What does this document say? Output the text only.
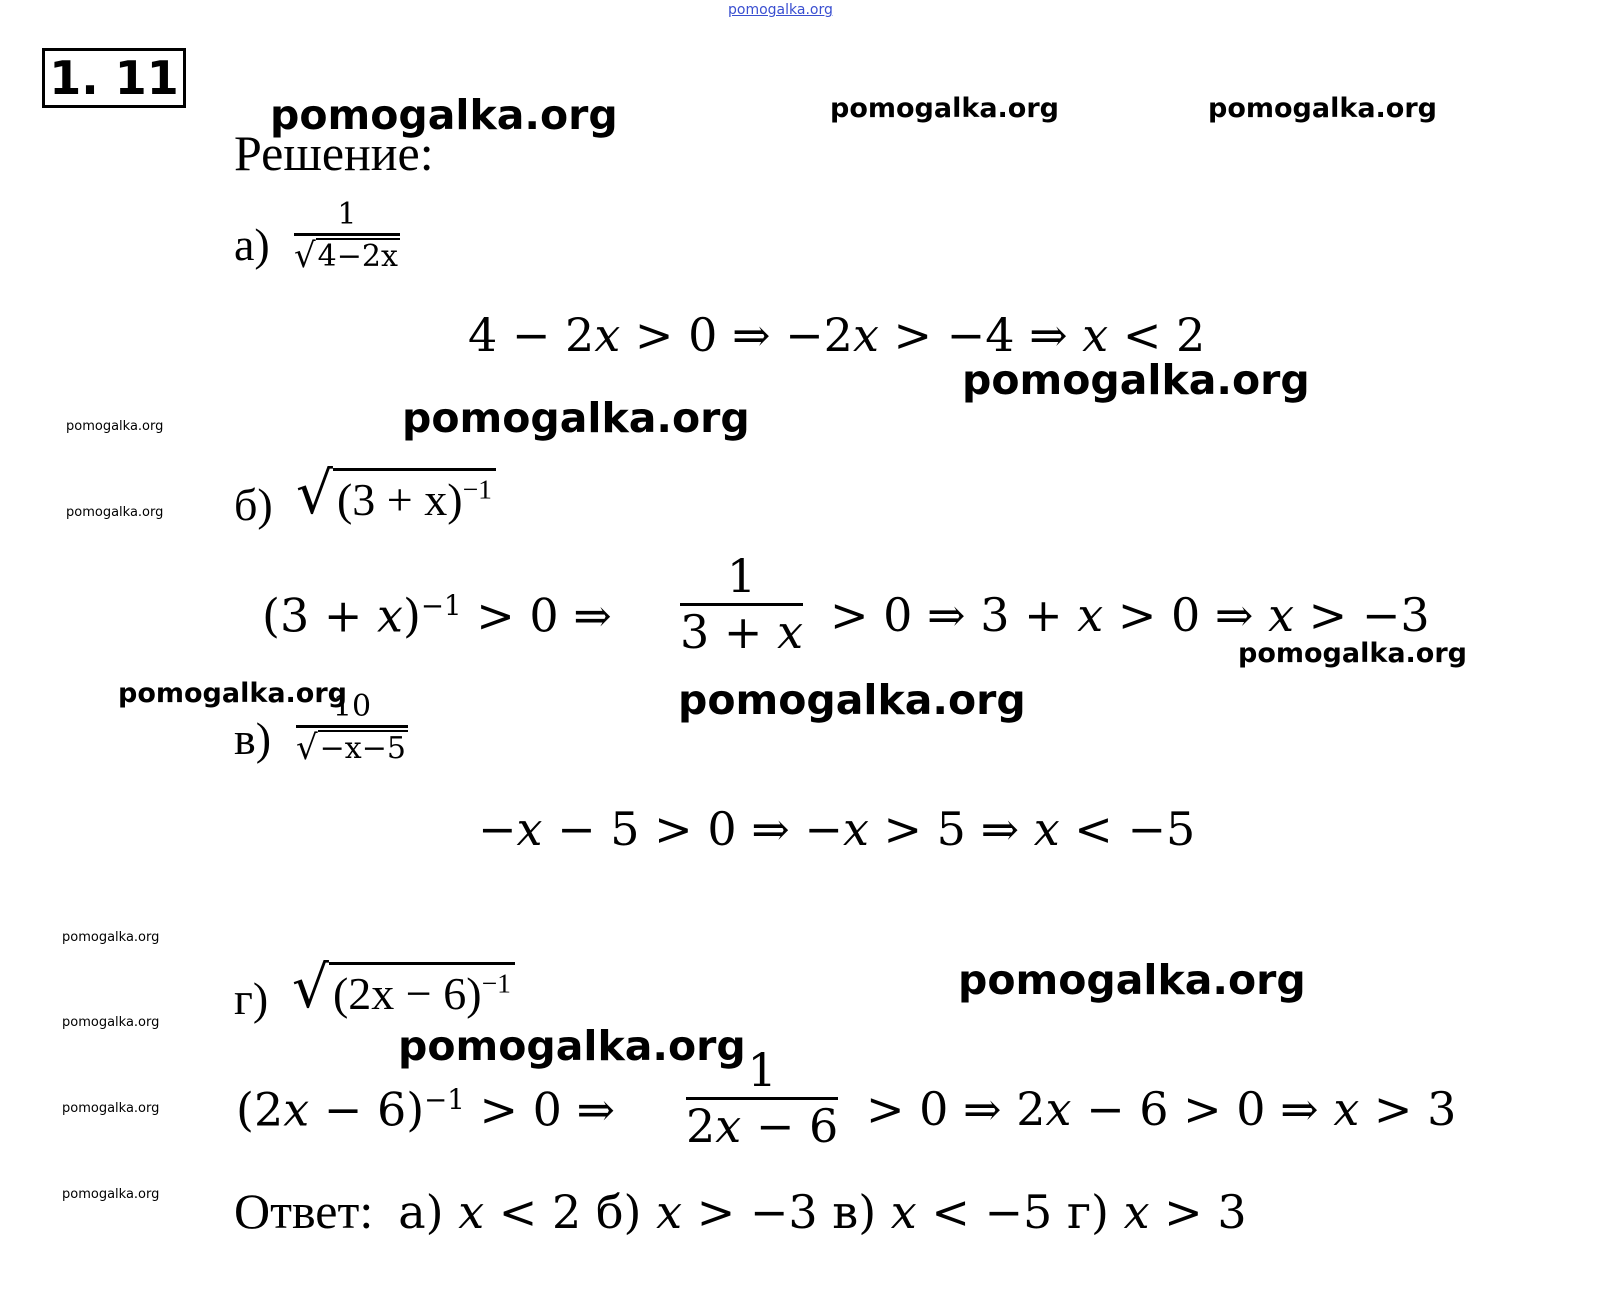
pomogalka.org
1. 11
pomogalka.org	pomogalka.org	pomogalka.org
pomogalka.org
pomogalka.org
pomogalka.org
pomogalka.org
pomogalka.org
pomogalka.org	pomogalka.org
pomogalka.org
pomogalka.org
pomogalka.org	pomogalka.org
pomogalka.org
pomogalka.org
Решение:
а)
1
√ 4−2x
4 − 2x > 0 ⇒ −2x > −4 ⇒ x < 2
б) √ $(3 + x)^{-1}$
$(3 + x)^{-1} > 0$ ⇒
1
3 + x > 0 ⇒ 3 + x > 0 ⇒ x > −3
в)
10
√ −x−5
−x − 5 > 0 ⇒ −x > 5 ⇒ x < −5
г) √ $(2x - 6)^{-1}$
$(2x - 6)^{-1} > 0$ ⇒
1
2x − 6 > 0 ⇒ 2x − 6 > 0 ⇒ x > 3
Ответ: а) x < 2 б) x > −3 в) x < −5 г) x > 3
